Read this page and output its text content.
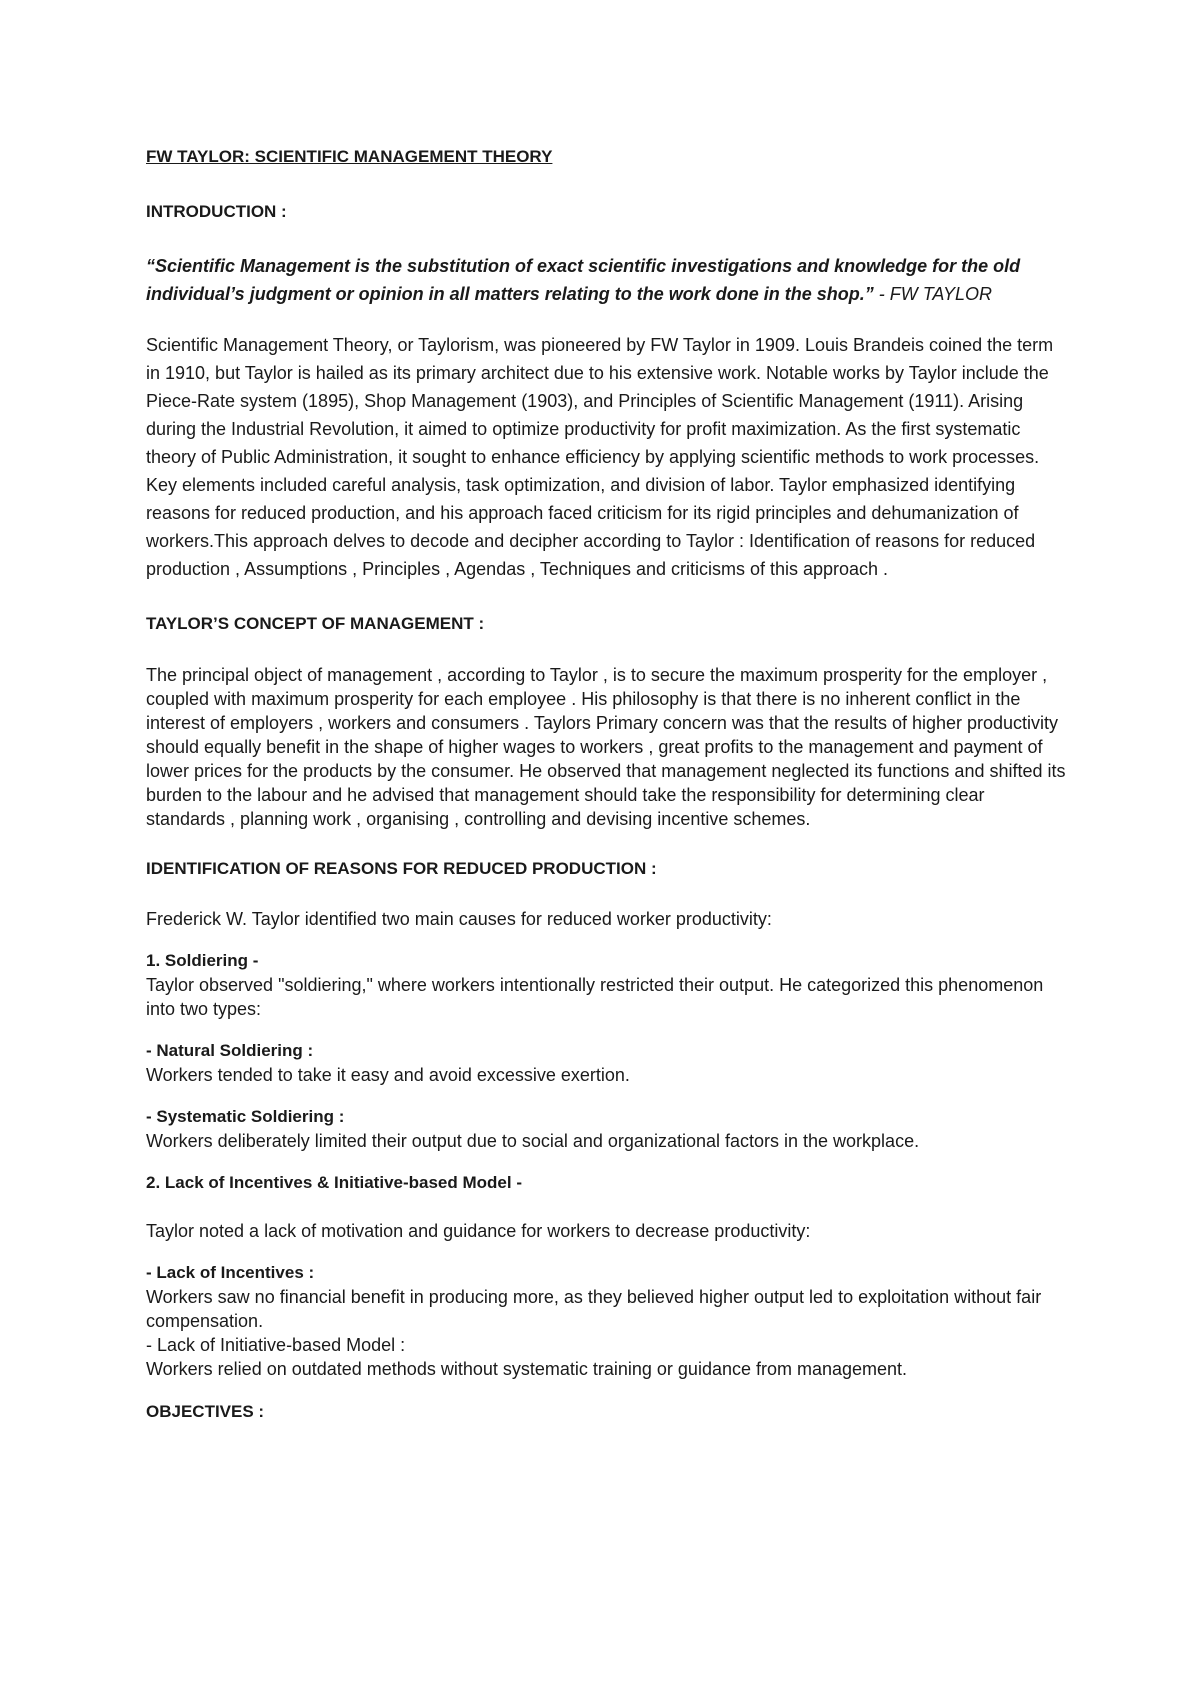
FW TAYLOR: SCIENTIFIC MANAGEMENT THEORY
INTRODUCTION :

“Scientific Management is the substitution of exact scientific investigations and knowledge for the old individual’s judgment or opinion in all matters relating to the work done in the shop.” - FW TAYLOR

Scientific Management Theory, or Taylorism, was pioneered by FW Taylor in 1909. Louis Brandeis coined the term in 1910, but Taylor is hailed as its primary architect due to his extensive work. Notable works by Taylor include the Piece-Rate system (1895), Shop Management (1903), and Principles of Scientific Management (1911). Arising during the Industrial Revolution, it aimed to optimize productivity for profit maximization. As the first systematic theory of Public Administration, it sought to enhance efficiency by applying scientific methods to work processes. Key elements included careful analysis, task optimization, and division of labor. Taylor emphasized identifying reasons for reduced production, and his approach faced criticism for its rigid principles and dehumanization of workers.This approach delves to decode and decipher according to Taylor : Identification of reasons for reduced production , Assumptions , Principles , Agendas , Techniques and criticisms of this approach .

TAYLOR’S CONCEPT OF MANAGEMENT :

The principal object of management , according to Taylor , is to secure the maximum prosperity for the employer , coupled with maximum prosperity for each employee . His philosophy is that there is no inherent conflict in the interest of employers , workers and consumers . Taylors Primary concern was that the results of higher productivity should equally benefit in the shape of higher wages to workers , great profits to the management and payment of lower prices for the products by the consumer. He observed that management neglected its functions and shifted its burden to the labour and he advised that management should take the responsibility for determining clear standards , planning work , organising , controlling and devising incentive schemes.

IDENTIFICATION OF REASONS FOR REDUCED PRODUCTION :

Frederick W. Taylor identified two main causes for reduced worker productivity:

1. Soldiering -

Taylor observed "soldiering," where workers intentionally restricted their output. He categorized this phenomenon into two types:

- Natural Soldiering :

Workers tended to take it easy and avoid excessive exertion.

- Systematic Soldiering :

Workers deliberately limited their output due to social and organizational factors in the workplace.

2. Lack of Incentives & Initiative-based Model -

Taylor noted a lack of motivation and guidance for workers to decrease productivity:

- Lack of Incentives :

Workers saw no financial benefit in producing more, as they believed higher output led to exploitation without fair compensation.

- Lack of Initiative-based Model :

Workers relied on outdated methods without systematic training or guidance from management.

OBJECTIVES :
